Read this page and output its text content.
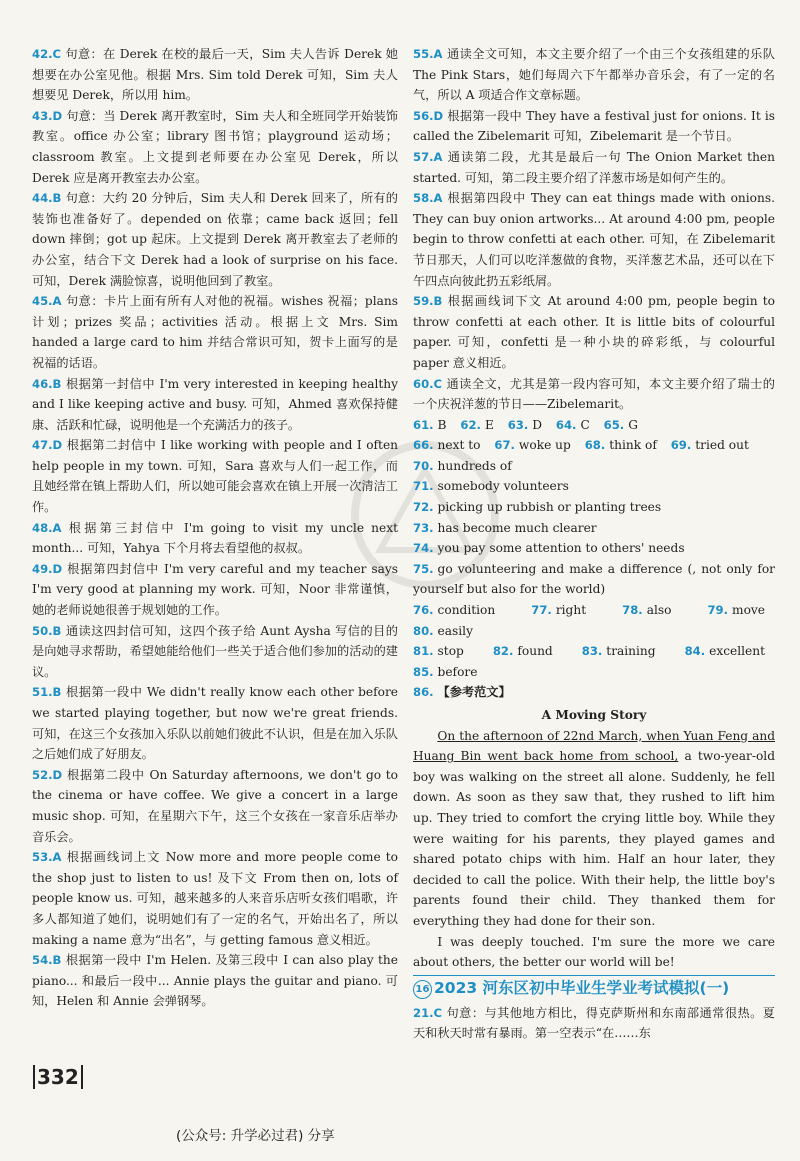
42.C 句意：在 Derek 在校的最后一天，Sim 夫人告诉 Derek 她想要在办公室见他。根据 Mrs. Sim told Derek 可知，Sim 夫人想要见 Derek，所以用 him。
43.D 句意：当 Derek 离开教室时，Sim 夫人和全班同学开始装饰教室。office 办公室；library 图书馆；playground 运动场；classroom 教室。上文提到老师要在办公室见 Derek，所以 Derek 应是离开教室去办公室。
44.B 句意：大约 20 分钟后，Sim 夫人和 Derek 回来了，所有的装饰也准备好了。depended on 依靠；came back 返回；fell down 摔倒；got up 起床。上文提到 Derek 离开教室去了老师的办公室，结合下文 Derek had a look of surprise on his face. 可知，Derek 满脸惊喜，说明他回到了教室。
45.A 句意：卡片上面有所有人对他的祝福。wishes 祝福；plans 计划；prizes 奖品；activities 活动。根据上文 Mrs. Sim handed a large card to him 并结合常识可知，贺卡上面写的是祝福的话语。
46.B 根据第一封信中 I'm very interested in keeping healthy and I like keeping active and busy. 可知，Ahmed 喜欢保持健康、活跃和忙碌，说明他是一个充满活力的孩子。
47.D 根据第二封信中 I like working with people and I often help people in my town. 可知，Sara 喜欢与人们一起工作，而且她经常在镇上帮助人们，所以她可能会喜欢在镇上开展一次清洁工作。
48.A 根据第三封信中 I'm going to visit my uncle next month... 可知，Yahya 下个月将去看望他的叔叔。
49.D 根据第四封信中 I'm very careful and my teacher says I'm very good at planning my work. 可知，Noor 非常谨慎，她的老师说她很善于规划她的工作。
50.B 通读这四封信可知，这四个孩子给 Aunt Aysha 写信的目的是向她寻求帮助，希望她能给他们一些关于适合他们参加的活动的建议。
51.B 根据第一段中 We didn't really know each other before we started playing together, but now we're great friends. 可知，在这三个女孩加入乐队以前她们彼此不认识，但是在加入乐队之后她们成了好朋友。
52.D 根据第二段中 On Saturday afternoons, we don't go to the cinema or have coffee. We give a concert in a large music shop. 可知，在星期六下午，这三个女孩在一家音乐店举办音乐会。
53.A 根据画线词上文 Now more and more people come to the shop just to listen to us! 及下文 From then on, lots of people know us. 可知，越来越多的人来音乐店听女孩们唱歌，许多人都知道了她们，说明她们有了一定的名气，开始出名了，所以 making a name 意为“出名”，与 getting famous 意义相近。
54.B 根据第一段中 I'm Helen. 及第三段中 I can also play the piano... 和最后一段中... Annie plays the guitar and piano. 可知，Helen 和 Annie 会弹钢琴。
55.A 通读全文可知，本文主要介绍了一个由三个女孩组建的乐队 The Pink Stars，她们每周六下午都举办音乐会，有了一定的名气，所以 A 项适合作文章标题。
56.D 根据第一段中 They have a festival just for onions. It is called the Zibelemarit 可知，Zibelemarit 是一个节日。
57.A 通读第二段，尤其是最后一句 The Onion Market then started. 可知，第二段主要介绍了洋葱市场是如何产生的。
58.A 根据第四段中 They can eat things made with onions. They can buy onion artworks... At around 4:00 pm, people begin to throw confetti at each other. 可知，在 Zibelemarit 节日那天，人们可以吃洋葱做的食物，买洋葱艺术品，还可以在下午四点向彼此扔五彩纸屑。
59.B 根据画线词下文 At around 4:00 pm, people begin to throw confetti at each other. It is little bits of colourful paper. 可知，confetti 是一种小块的碎彩纸，与 colourful paper 意义相近。
60.C 通读全文，尤其是第一段内容可知，本文主要介绍了瑞士的一个庆祝洋葱的节日——Zibelemarit。
61. B 62. E 63. D 64. C 65. G
66. next to 67. woke up 68. think of 69. tried out
70. hundreds of
71. somebody volunteers
72. picking up rubbish or planting trees
73. has become much clearer
74. you pay some attention to others' needs
75. go volunteering and make a difference (, not only for yourself but also for the world)
76. condition	77. right	78. also	79. move 80. easily
81. stop	82. found	83. training	84. excellent 85. before
86. 【参考范文】
A Moving Story

On the afternoon of 22nd March, when Yuan Feng and Huang Bin went back home from school, a two-year-old boy was walking on the street all alone. Suddenly, he fell down. As soon as they saw that, they rushed to lift him up. They tried to comfort the crying little boy. While they were waiting for his parents, they played games and shared potato chips with him. Half an hour later, they decided to call the police. With their help, the little boy's parents found their child. They thanked them for everything they had done for their son.

I was deeply touched. I'm sure the more we care about others, the better our world will be!

16 2023 河东区初中毕业生学业考试模拟(一)
21.C 句意：与其他地方相比，得克萨斯州和东南部通常很热。夏天和秋天时常有暴雨。第一空表示“在……东
332
(公众号: 升学必过君) 分享
